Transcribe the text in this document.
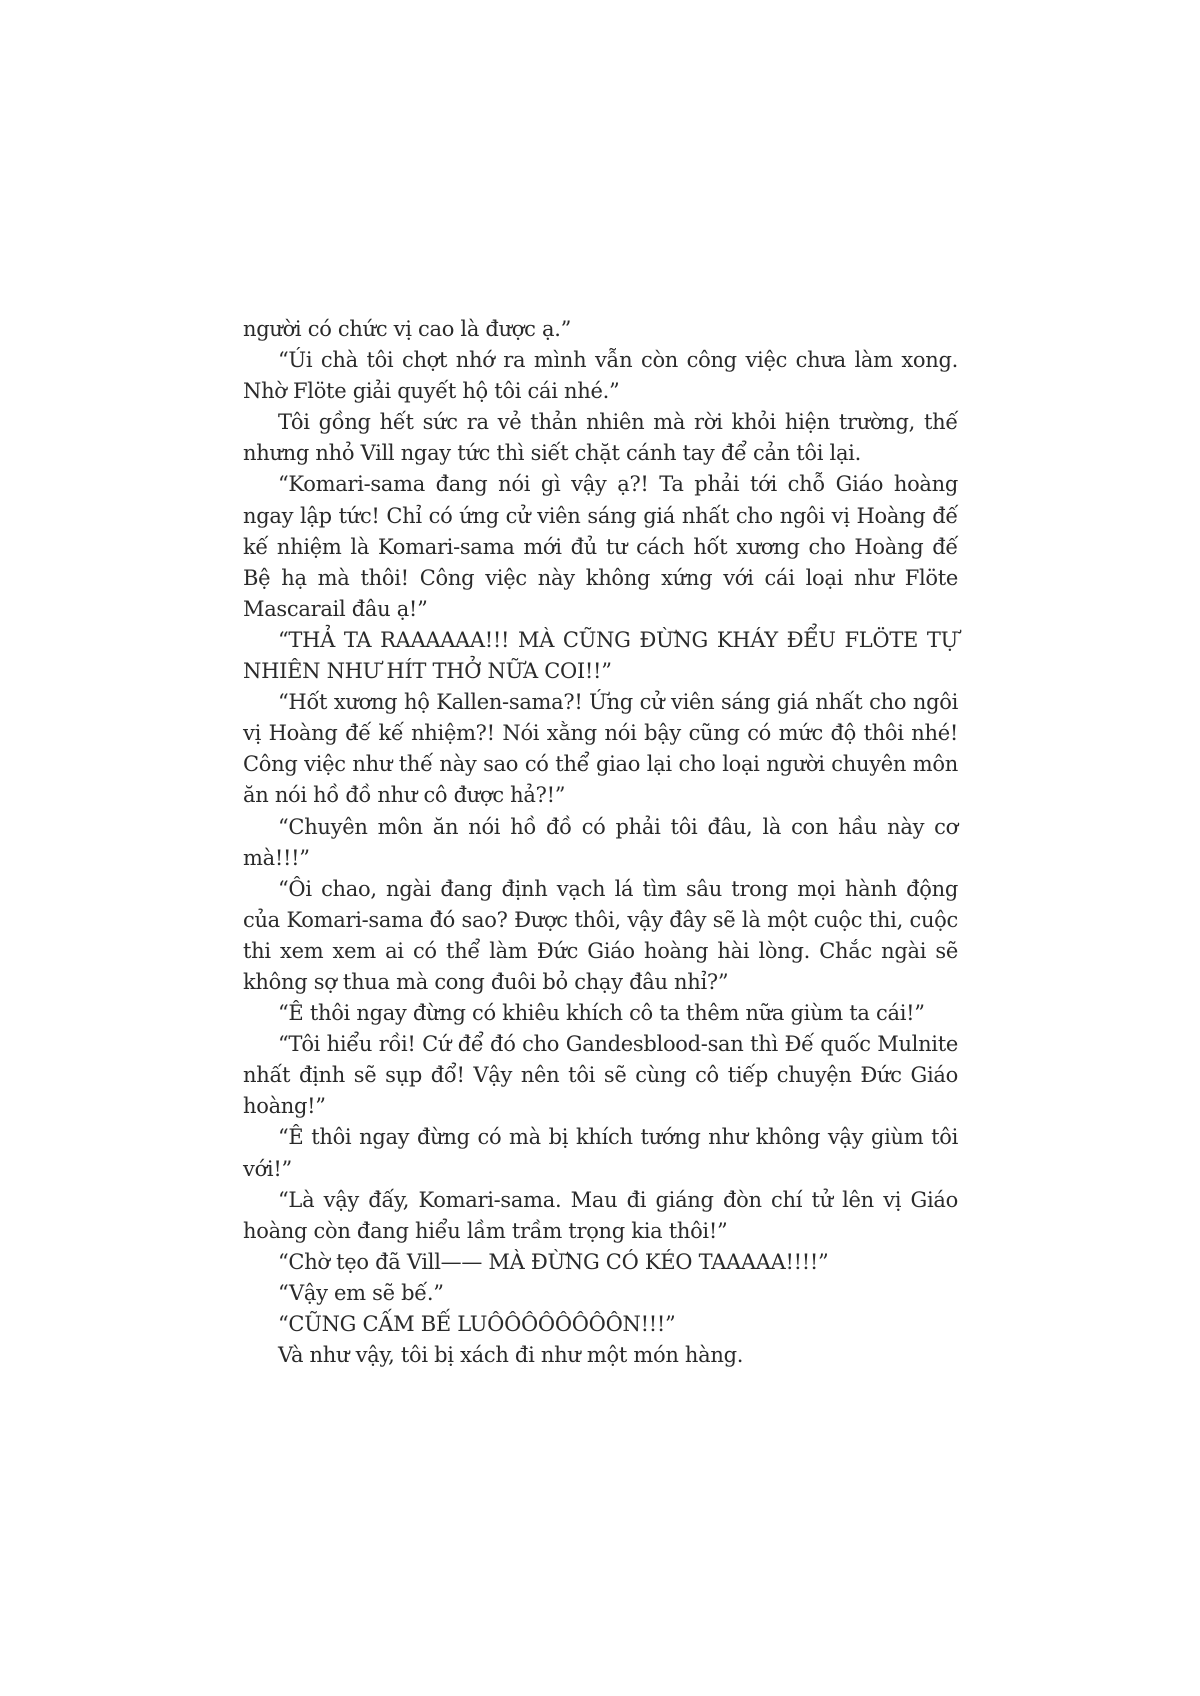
người có chức vị cao là được ạ.”

“Úi chà tôi chợt nhớ ra mình vẫn còn công việc chưa làm xong. Nhờ Flöte giải quyết hộ tôi cái nhé.”

Tôi gồng hết sức ra vẻ thản nhiên mà rời khỏi hiện trường, thế nhưng nhỏ Vill ngay tức thì siết chặt cánh tay để cản tôi lại.

“Komari-sama đang nói gì vậy ạ?! Ta phải tới chỗ Giáo hoàng ngay lập tức! Chỉ có ứng cử viên sáng giá nhất cho ngôi vị Hoàng đế kế nhiệm là Komari-sama mới đủ tư cách hốt xương cho Hoàng đế Bệ hạ mà thôi! Công việc này không xứng với cái loại như Flöte Mascarail đâu ạ!”

“THẢ TA RAAAAAA!!! MÀ CŨNG ĐỪNG KHÁY ĐỂU FLÖTE TỰ NHIÊN NHƯ HÍT THỞ NỮA COI!!”

“Hốt xương hộ Kallen-sama?! Ứng cử viên sáng giá nhất cho ngôi vị Hoàng đế kế nhiệm?! Nói xằng nói bậy cũng có mức độ thôi nhé! Công việc như thế này sao có thể giao lại cho loại người chuyên môn ăn nói hồ đồ như cô được hả?!”

“Chuyên môn ăn nói hồ đồ có phải tôi đâu, là con hầu này cơ mà!!!”

“Ôi chao, ngài đang định vạch lá tìm sâu trong mọi hành động của Komari-sama đó sao? Được thôi, vậy đây sẽ là một cuộc thi, cuộc thi xem xem ai có thể làm Đức Giáo hoàng hài lòng. Chắc ngài sẽ không sợ thua mà cong đuôi bỏ chạy đâu nhỉ?”

“Ê thôi ngay đừng có khiêu khích cô ta thêm nữa giùm ta cái!”

“Tôi hiểu rồi! Cứ để đó cho Gandesblood-san thì Đế quốc Mulnite nhất định sẽ sụp đổ! Vậy nên tôi sẽ cùng cô tiếp chuyện Đức Giáo hoàng!”

“Ê thôi ngay đừng có mà bị khích tướng như không vậy giùm tôi với!”

“Là vậy đấy, Komari-sama. Mau đi giáng đòn chí tử lên vị Giáo hoàng còn đang hiểu lầm trầm trọng kia thôi!”

“Chờ tẹo đã Vill—— MÀ ĐỪNG CÓ KÉO TAAAAA!!!!”

“Vậy em sẽ bế.”

“CŨNG CẤM BẾ LUÔÔÔÔÔÔÔÔN!!!”

Và như vậy, tôi bị xách đi như một món hàng.
